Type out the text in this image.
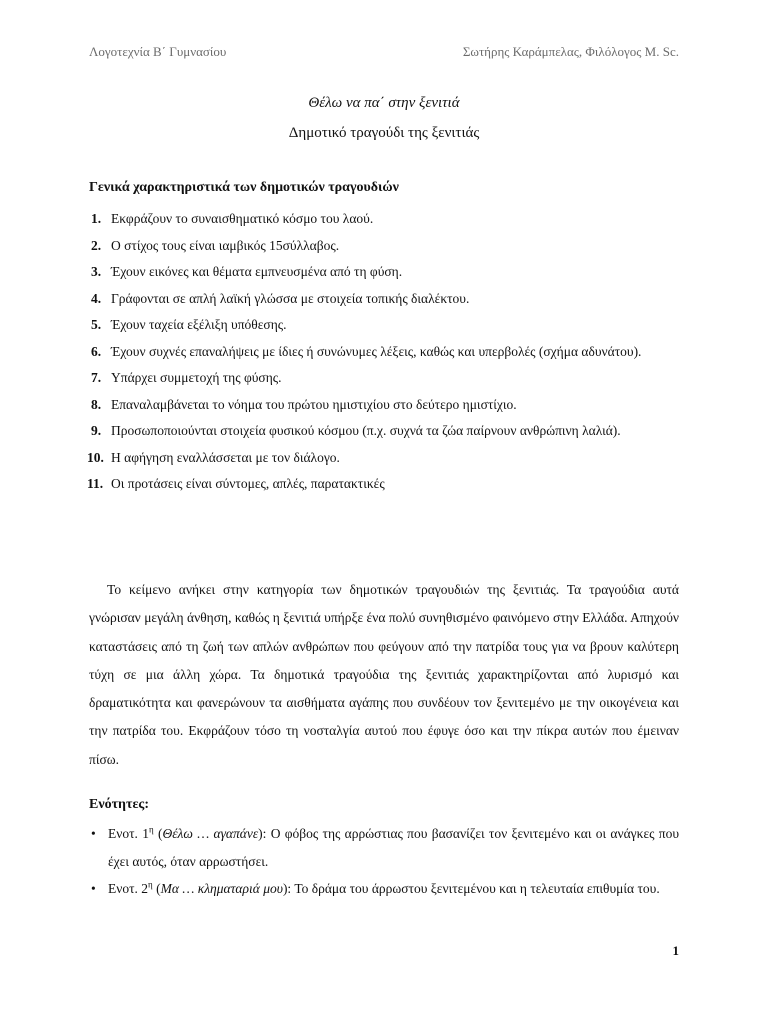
Λογοτεχνία Β΄ Γυμνασίου	Σωτήρης Καράμπελας, Φιλόλογος M. Sc.
Θέλω να πα΄ στην ξενιτιά
Δημοτικό τραγούδι της ξενιτιάς
Γενικά χαρακτηριστικά των δημοτικών τραγουδιών
1. Εκφράζουν το συναισθηματικό κόσμο του λαού.
2. Ο στίχος τους είναι ιαμβικός 15σύλλαβος.
3. Έχουν εικόνες και θέματα εμπνευσμένα από τη φύση.
4. Γράφονται σε απλή λαϊκή γλώσσα με στοιχεία τοπικής διαλέκτου.
5. Έχουν ταχεία εξέλιξη υπόθεσης.
6. Έχουν συχνές επαναλήψεις με ίδιες ή συνώνυμες λέξεις, καθώς και υπερβολές (σχήμα αδυνάτου).
7. Υπάρχει συμμετοχή της φύσης.
8. Επαναλαμβάνεται το νόημα του πρώτου ημιστιχίου στο δεύτερο ημιστίχιο.
9. Προσωποποιούνται στοιχεία φυσικού κόσμου (π.χ. συχνά τα ζώα παίρνουν ανθρώπινη λαλιά).
10. Η αφήγηση εναλλάσσεται με τον διάλογο.
11. Οι προτάσεις είναι σύντομες, απλές, παρατακτικές

Το κείμενο ανήκει στην κατηγορία των δημοτικών τραγουδιών της ξενιτιάς. Τα τραγούδια αυτά γνώρισαν μεγάλη άνθηση, καθώς η ξενιτιά υπήρξε ένα πολύ συνηθισμένο φαινόμενο στην Ελλάδα. Απηχούν καταστάσεις από τη ζωή των απλών ανθρώπων που φεύγουν από την πατρίδα τους για να βρουν καλύτερη τύχη σε μια άλλη χώρα. Τα δημοτικά τραγούδια της ξενιτιάς χαρακτηρίζονται από λυρισμό και δραματικότητα και φανερώνουν τα αισθήματα αγάπης που συνδέουν τον ξενιτεμένο με την οικογένεια και την πατρίδα του. Εκφράζουν τόσο τη νοσταλγία αυτού που έφυγε όσο και την πίκρα αυτών που έμειναν πίσω.

Ενότητες:
• Ενοτ. $1^\eta$ (Θέλω … αγαπάνε): Ο φόβος της αρρώστιας που βασανίζει τον ξενιτεμένο και οι ανάγκες που έχει αυτός, όταν αρρωστήσει.
• Ενοτ. $2^\eta$ (Μα … κληματαριά μου): Το δράμα του άρρωστου ξενιτεμένου και η τελευταία επιθυμία του.
1
